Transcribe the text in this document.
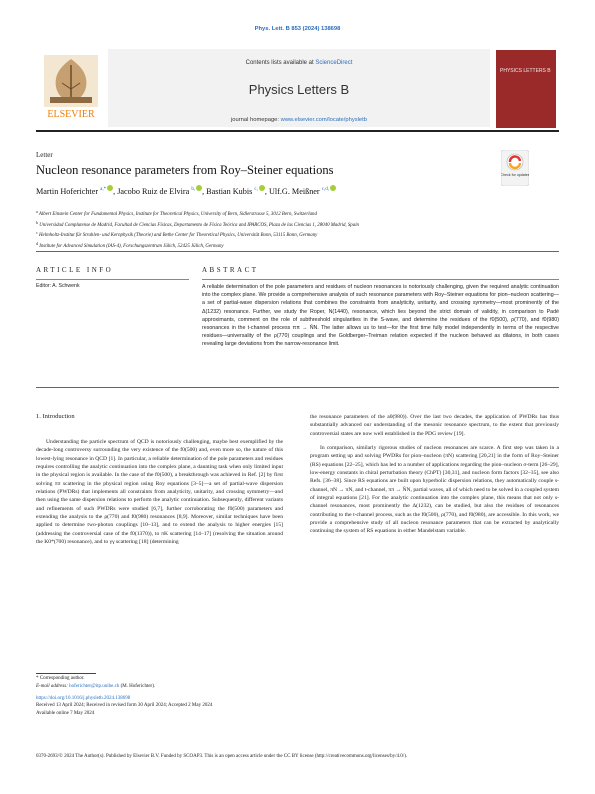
Phys. Lett. B 853 (2024) 138698
ELSEVIER
Contents lists available at ScienceDirect
Physics Letters B
journal homepage: www.elsevier.com/locate/physletb
PHYSICS LETTERS B
Letter
Nucleon resonance parameters from Roy–Steiner equations	Check for updates
Martin Hoferichter $^{a,*}$ , Jacobo Ruiz de Elvira $^{b,}$ , Bastian Kubis $^{c,}$ , Ulf.G. Meißner $^{c,d,}$
$^a$ Albert Einstein Center for Fundamental Physics, Institute for Theoretical Physics, University of Bern, Sidlerstrasse 5, 3012 Bern, Switzerland
$^b$ Universidad Complutense de Madrid, Facultad de Ciencias Físicas, Departamento de Física Teórica and IPARCOS, Plaza de las Ciencias 1, 28040 Madrid, Spain
$^c$ Helmholtz-Institut für Strahlen- und Kernphysik (Theorie) and Bethe Center for Theoretical Physics, Universität Bonn, 53115 Bonn, Germany
$^d$ Institute for Advanced Simulation (IAS-4), Forschungszentrum Jülich, 52425 Jülich, Germany
ARTICLE INFO	ABSTRACT
Editor: A. Schwenk	A reliable determination of the pole parameters and residues of nucleon resonances is notoriously challenging, given the required analytic continuation into the complex plane. We provide a comprehensive analysis of such resonance parameters with Roy–Steiner equations for pion–nucleon scattering—a set of partial-wave dispersion relations that combines the constraints from analyticity, unitarity, and crossing symmetry—most prominently of the Δ(1232) resonance. Further, we study the Roper, N(1440), resonance, which lies beyond the strict domain of validity, in comparison to Padé approximants, comment on the role of subthreshold singularities in the S-wave, and determine the residues of the f0(500), ρ(770), and f0(980) resonances in the t-channel process ππ → N̄N. The latter allows us to test—for the first time fully model independently in terms of the respective residues—universality of the ρ(770) couplings and the Goldberger–Treiman relation expected if the nucleon behaved as dilatons, in both cases revealing large deviations from the narrow-resonance limit.
1. Introduction

Understanding the particle spectrum of QCD is notoriously challenging, maybe best exemplified by the decade-long controversy surrounding the very existence of the f0(500) and, even more so, the nature of this lowest-lying resonance in QCD [1]. In particular, a reliable determination of the pole parameters and residues requires controlling the analytic continuation into the complex plane, a daunting task when only limited input in the physical region is available. In the case of the f0(500), a breakthrough was achieved in Ref. [2] by first solving ππ scattering in the physical region using Roy equations [3–5]—a set of partial-wave dispersion relations (PWDRs) that implements all constraints from analyticity, unitarity, and crossing symmetry—and then using the same dispersion relations to perform the analytic continuation. Subsequently, different variants and refinements of such PWDRs were studied [6,7], further corroborating the f0(500) parameters and extending the analysis to the ρ(770) and f0(980) resonances [8,9]. Moreover, similar techniques have been applied to determine two-photon couplings [10–13], and to extend the analysis to higher energies [15] (addressing the controversial case of the f0(1370)), to πK scattering [14–17] (resolving the situation around the K0*(700) resonance), and to γγ scattering [18] (determining

the resonance parameters of the a0(980)). Over the last two decades, the application of PWDRs has thus substantially advanced our understanding of the mesonic resonance spectrum, to the extent that previously controversial states are now well established in the PDG review [19].

In comparison, similarly rigorous studies of nucleon resonances are scarce. A first step was taken in a program setting up and solving PWDRs for pion–nucleon (πN) scattering [20,21] in the form of Roy–Steiner (RS) equations [22–25], which has led to a number of applications regarding the pion–nucleon σ-term [26–29], low-energy constants in chiral perturbation theory (ChPT) [30,31], and nucleon form factors [32–35], see also Refs. [36–38]. Since RS equations are built upon hyperbolic dispersion relations, they automatically couple s-channel, πN → πN, and t-channel, ππ → N̄N, partial waves, all of which need to be solved in a coupled system of integral equations [21]. For the analytic continuation into the complex plane, this means that not only s-channel resonances, most prominently the Δ(1232), can be studied, but also the residues of resonances contributing to the t-channel process, such as the f0(500), ρ(770), and f0(980), are accessible. In this work, we provide a comprehensive study of all nucleon resonance parameters that can be extracted by analytically continuing the system of RS equations in either Mandelstam variable.

* Corresponding author.
E-mail address: hoferichter@itp.unibe.ch (M. Hoferichter).
https://doi.org/10.1016/j.physletb.2024.138698
Received 13 April 2024; Received in revised form 30 April 2024; Accepted 2 May 2024
Available online 7 May 2024
0370-2693/© 2024 The Author(s). Published by Elsevier B.V. Funded by SCOAP3. This is an open access article under the CC BY license (http://creativecommons.org/licenses/by/4.0/).
